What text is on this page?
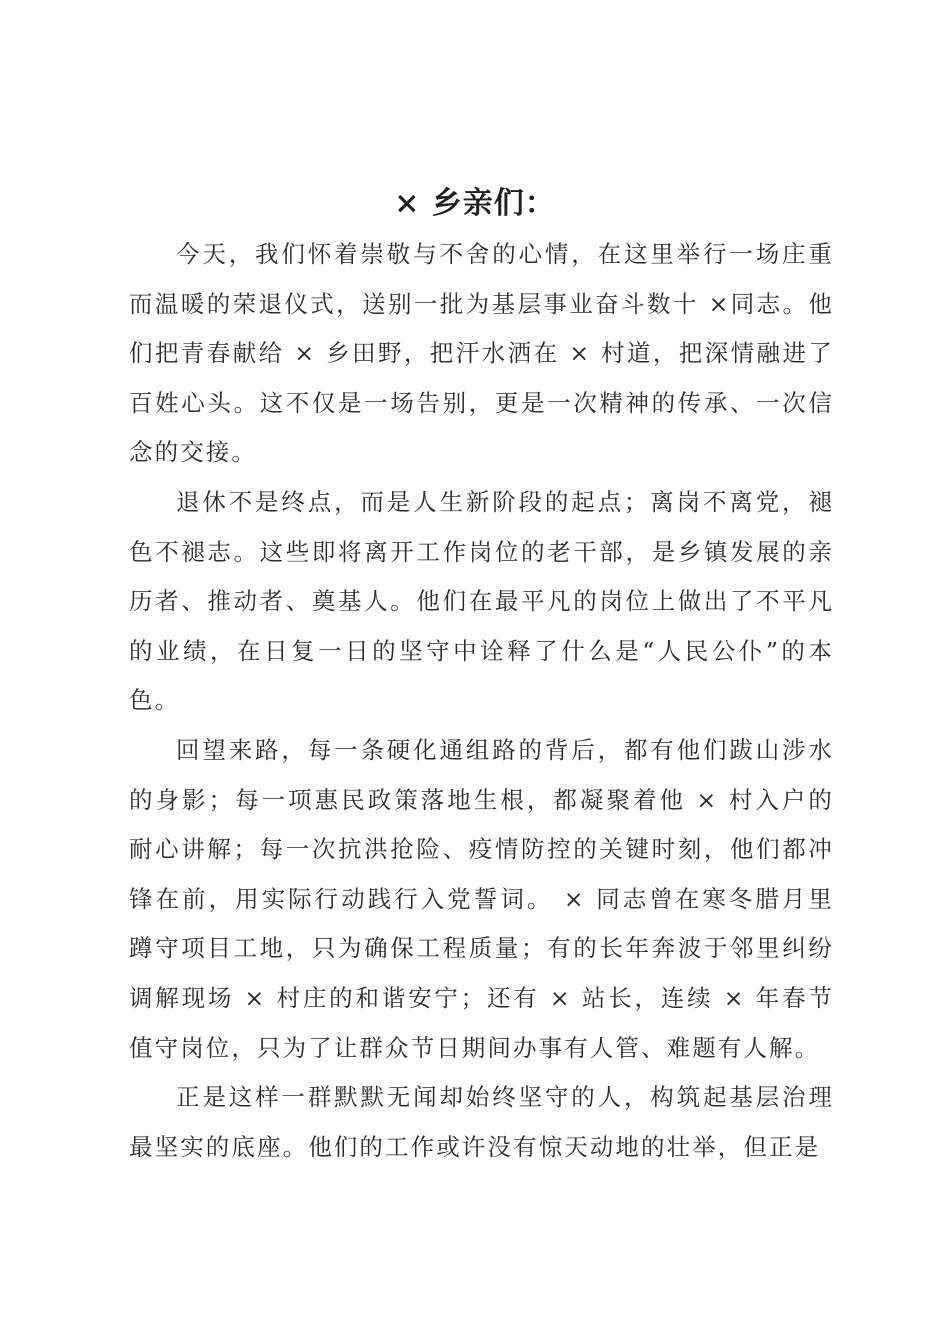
× 乡亲们：

今天，我们怀着崇敬与不舍的心情，在这里举行一场庄重而温暖的荣退仪式，送别一批为基层事业奋斗数十 ×同志。他们把青春献给 × 乡田野，把汗水洒在 × 村道，把深情融进了百姓心头。这不仅是一场告别，更是一次精神的传承、一次信念的交接。

退休不是终点，而是人生新阶段的起点；离岗不离党，褪色不褪志。这些即将离开工作岗位的老干部，是乡镇发展的亲历者、推动者、奠基人。他们在最平凡的岗位上做出了不平凡的业绩，在日复一日的坚守中诠释了什么是“人民公仆”的本色。

回望来路，每一条硬化通组路的背后，都有他们跋山涉水的身影；每一项惠民政策落地生根，都凝聚着他 × 村入户的耐心讲解；每一次抗洪抢险、疫情防控的关键时刻，他们都冲锋在前，用实际行动践行入党誓词。 × 同志曾在寒冬腊月里蹲守项目工地，只为确保工程质量；有的长年奔波于邻里纠纷调解现场 × 村庄的和谐安宁；还有 × 站长，连续 × 年春节值守岗位，只为了让群众节日期间办事有人管、难题有人解。

正是这样一群默默无闻却始终坚守的人，构筑起基层治理最坚实的底座。他们的工作或许没有惊天动地的壮举，但正是
